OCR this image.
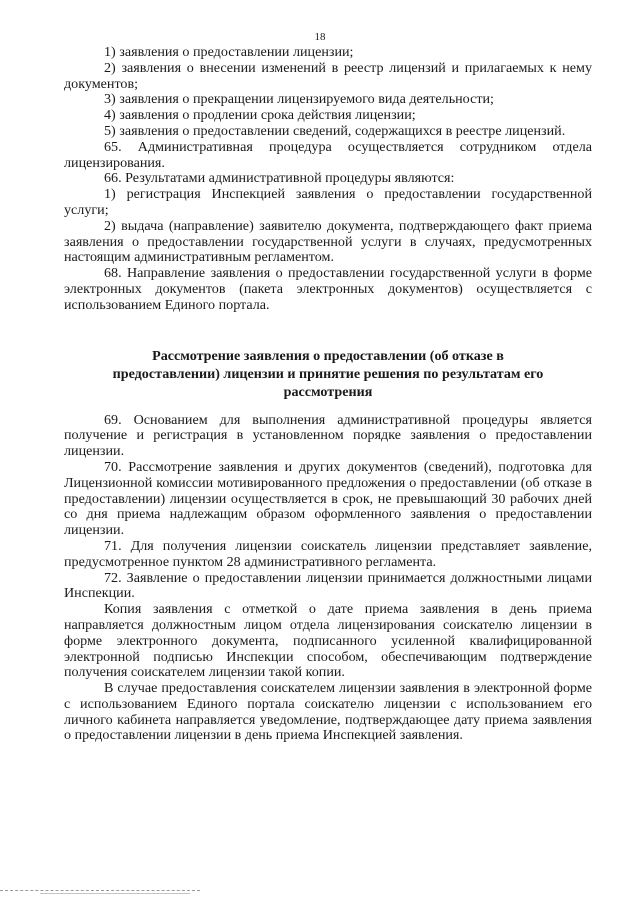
18

1) заявления о предоставлении лицензии;

2) заявления о внесении изменений в реестр лицензий и прилагаемых к нему документов;

3) заявления о прекращении лицензируемого вида деятельности;

4) заявления о продлении срока действия лицензии;

5) заявления о предоставлении сведений, содержащихся в реестре лицензий.

65. Административная процедура осуществляется сотрудником отдела лицензирования.

66. Результатами административной процедуры являются:

1) регистрация Инспекцией заявления о предоставлении государственной услуги;

2) выдача (направление) заявителю документа, подтверждающего факт приема заявления о предоставлении государственной услуги в случаях, предусмотренных настоящим административным регламентом.

68. Направление заявления о предоставлении государственной услуги в форме электронных документов (пакета электронных документов) осуществляется с использованием Единого портала.

Рассмотрение заявления о предоставлении (об отказе в
предоставлении) лицензии и принятие решения по результатам его
рассмотрения

69. Основанием для выполнения административной процедуры является получение и регистрация в установленном порядке заявления о предоставлении лицензии.

70. Рассмотрение заявления и других документов (сведений), подготовка для Лицензионной комиссии мотивированного предложения о предоставлении (об отказе в предоставлении) лицензии осуществляется в срок, не превышающий 30 рабочих дней со дня приема надлежащим образом оформленного заявления о предоставлении лицензии.

71. Для получения лицензии соискатель лицензии представляет заявление, предусмотренное пунктом 28 административного регламента.

72. Заявление о предоставлении лицензии принимается должностными лицами Инспекции.

Копия заявления с отметкой о дате приема заявления в день приема направляется должностным лицом отдела лицензирования соискателю лицензии в форме электронного документа, подписанного усиленной квалифицированной электронной подписью Инспекции способом, обеспечивающим подтверждение получения соискателем лицензии такой копии.

В случае предоставления соискателем лицензии заявления в электронной форме с использованием Единого портала соискателю лицензии с использованием его личного кабинета направляется уведомление, подтверждающее дату приема заявления о предоставлении лицензии в день приема Инспекцией заявления.
